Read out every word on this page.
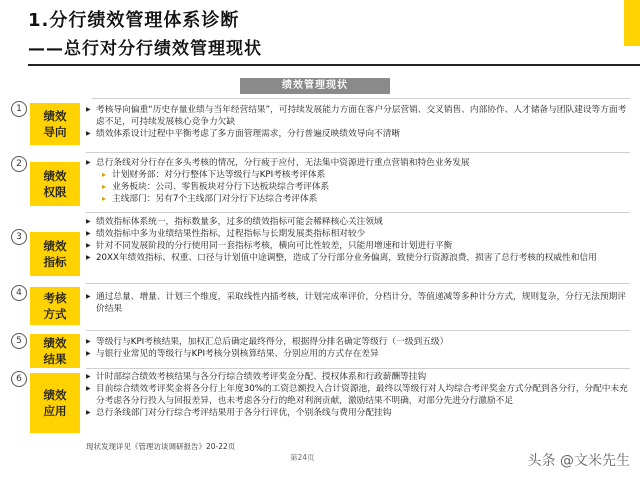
1.分行绩效管理体系诊断
——总行对分行绩效管理现状
绩效管理现状
1	绩效
导向
▶ 考核导向偏重“历史存量业绩与当年经营结果”，可持续发展能力方面在客户分层营销、交叉销售、内部协作、人才储备与团队建设等方面考虑不足，可持续发展核心竞争力欠缺
▶ 绩效体系设计过程中平衡考虑了多方面管理需求，分行普遍反映绩效导向不清晰
2
绩效
权限
▶ 总行条线对分行存在多头考核的情况，分行疲于应付，无法集中资源进行重点营销和特色业务发展
▸ 计划财务部：对分行整体下达等级行与KPI考核考评体系
▸ 业务板块：公司、零售板块对分行下达板块综合考评体系
▸ 主线部门：另有7个主线部门对分行下达综合考评体系
3
绩效
指标
▶ 绩效指标体系统一，指标数量多，过多的绩效指标可能会稀释核心关注领域
▶ 绩效指标中多为业绩结果性指标，过程指标与长期发展类指标相对较少
▶ 针对不同发展阶段的分行使用同一套指标考核，横向可比性较差，只能用增速和计划进行平衡
▶ 20XX年绩效指标、权重、口径与计划值中途调整，造成了分行部分业务偏离，致使分行资源浪费，损害了总行考核的权威性和信用
4	考核
方式
▶ 通过总量、增量、计划三个维度，采取线性内插考核，计划完成率评价，分档计分，等值递减等多种计分方式，规则复杂，分行无法预期评价结果
5	绩效
结果
▶ 等级行与KPI考核结果，加权汇总后确定最终得分，根据得分排名确定等级行（一级到五级）
▶ 与银行业常见的等级行与KPI考核分别核算结果、分别应用的方式存在差异
6
绩效
应用
▶ 计时部综合绩效考核结果与各分行综合绩效考评奖金分配、授权体系和行政薪酬等挂钩
▶ 目前综合绩效考评奖金将各分行上年度30%的工资总额投入合计资源池，最终以等级行对人均综合考评奖金方式分配到各分行，分配中未充分考虑各分行投入与回报差异，也未考虑各分行的绝对利润贡献，激励结果不明确，对部分先进分行激励不足
▶ 总行条线部门对分行综合考评结果用于各分行评优，个别条线与费用分配挂钩
现状发现详见《管理访谈调研报告》20-22页
第24页	头条 @文米先生
